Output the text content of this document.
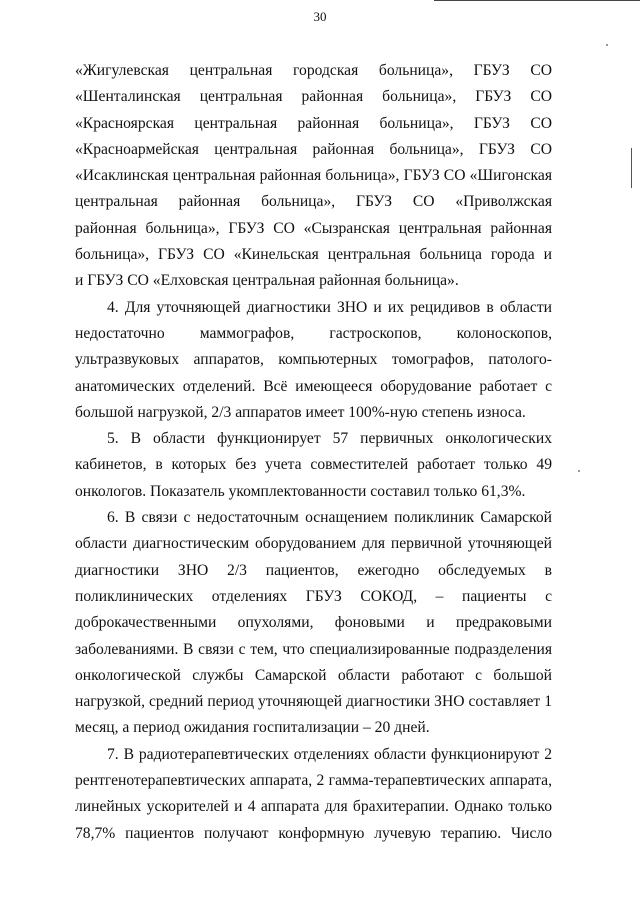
30
«Жигулевская центральная городская больница», ГБУЗ СО
«Шенталинская центральная районная больница», ГБУЗ СО
«Красноярская центральная районная больница», ГБУЗ СО
«Красноармейская центральная районная больница», ГБУЗ СО
«Исаклинская центральная районная больница», ГБУЗ СО «Шигонская
центральная районная больница», ГБУЗ СО «Приволжская
районная больница», ГБУЗ СО «Сызранская центральная районная
больница», ГБУЗ СО «Кинельская центральная больница города и
и ГБУЗ СО «Елховская центральная районная больница».
4. Для уточняющей диагностики ЗНО и их рецидивов в области
недостаточно маммографов, гастроскопов, колоноскопов,
ультразвуковых аппаратов, компьютерных томографов, патолого-
анатомических отделений. Всё имеющееся оборудование работает с
большой нагрузкой, 2/3 аппаратов имеет 100%-ную степень износа.
5. В области функционирует 57 первичных онкологических
кабинетов, в которых без учета совместителей работает только 49
онкологов. Показатель укомплектованности составил только 61,3%.
6. В связи с недостаточным оснащением поликлиник Самарской
области диагностическим оборудованием для первичной уточняющей
диагностики ЗНО 2/3 пациентов, ежегодно обследуемых в
поликлинических отделениях ГБУЗ СОКОД, – пациенты с
доброкачественными опухолями, фоновыми и предраковыми
заболеваниями. В связи с тем, что специализированные подразделения
онкологической службы Самарской области работают с большой
нагрузкой, средний период уточняющей диагностики ЗНО составляет 1
месяц, а период ожидания госпитализации – 20 дней.
7. В радиотерапевтических отделениях области функционируют 2
рентгенотерапевтических аппарата, 2 гамма-терапевтических аппарата,
линейных ускорителей и 4 аппарата для брахитерапии. Однако только
78,7% пациентов получают конформную лучевую терапию. Число
